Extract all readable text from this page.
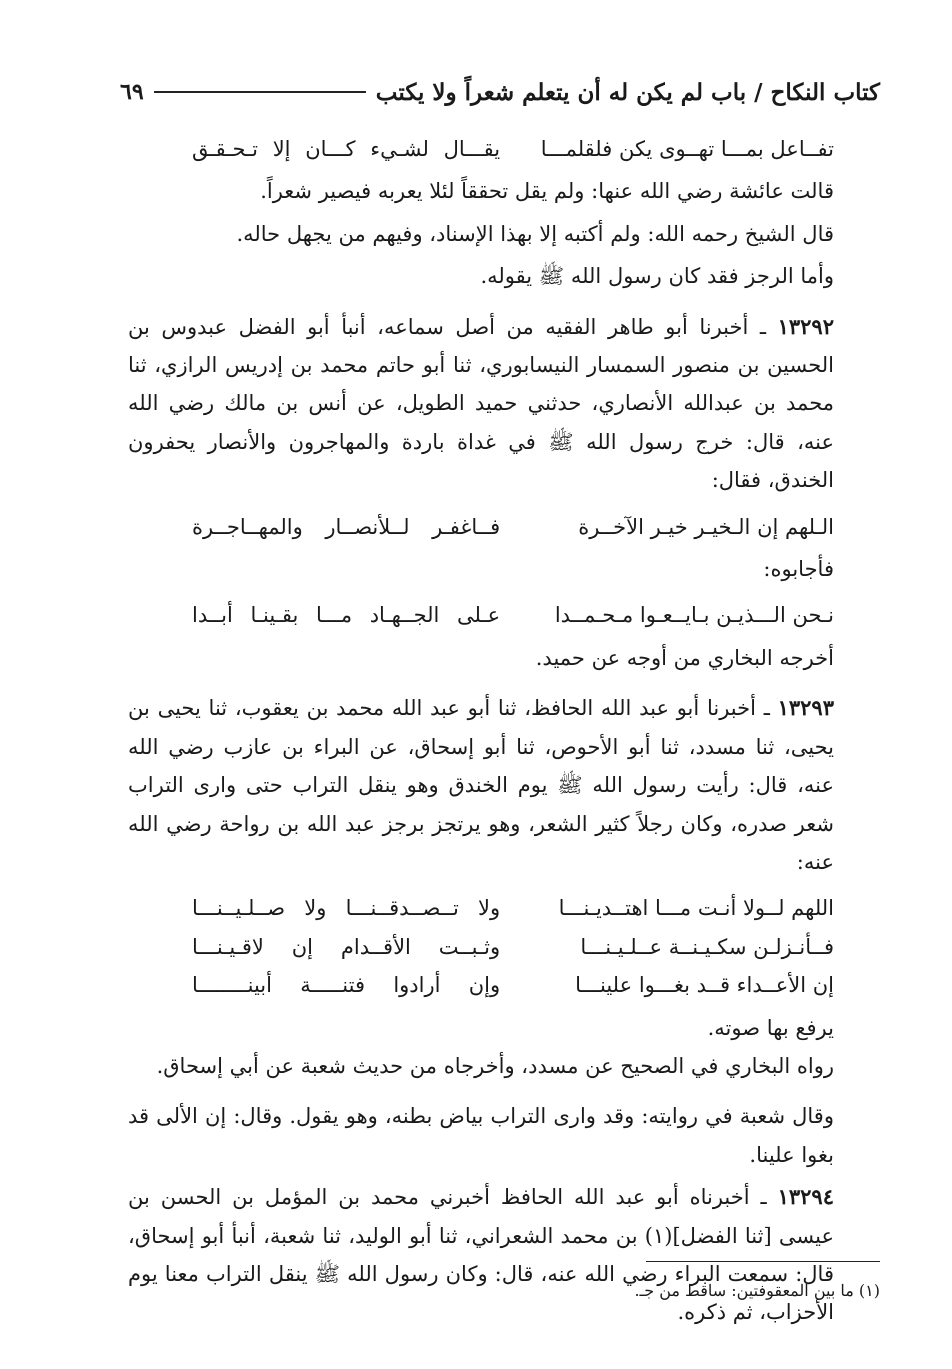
كتاب النكاح / باب لم يكن له أن يتعلم شعراً ولا يكتب
٦٩
تفــاعل بمـــا تهــوى يكن فلقلمـــا
يقـــال لشـيء كـــان إلا تـحـقـق

قالت عائشة رضي الله عنها: ولم يقل تحققاً لئلا يعربه فيصير شعراً.

قال الشيخ رحمه الله: ولم أكتبه إلا بهذا الإسناد، وفيهم من يجهل حاله.

وأما الرجز فقد كان رسول الله ﷺ يقوله.

١٣٢٩٢ ـ أخبرنا أبو طاهر الفقيه من أصل سماعه، أنبأ أبو الفضل عبدوس بن الحسين بن منصور السمسار النيسابوري، ثنا أبو حاتم محمد بن إدريس الرازي، ثنا محمد بن عبدالله الأنصاري، حدثني حميد الطويل، عن أنس بن مالك رضي الله عنه، قال: خرج رسول الله ﷺ في غداة باردة والمهاجرون والأنصار يحفرون الخندق، فقال:

الـلهم إن الـخيـر خيـر الآخــرة
فــاغفـر لــلأنصــار والمهــاجــرة

فأجابوه:

نـحن الـــذيـن بـايــعـوا مـحـمــدا
عـلى الجــهـاد مـــا بقـينـا أبــدا

أخرجه البخاري من أوجه عن حميد.

١٣٢٩٣ ـ أخبرنا أبو عبد الله الحافظ، ثنا أبو عبد الله محمد بن يعقوب، ثنا يحيى بن يحيى، ثنا مسدد، ثنا أبو الأحوص، ثنا أبو إسحاق، عن البراء بن عازب رضي الله عنه، قال: رأيت رسول الله ﷺ يوم الخندق وهو ينقل التراب حتى وارى التراب شعر صدره، وكان رجلاً كثير الشعر، وهو يرتجز برجز عبد الله بن رواحة رضي الله عنه:

اللهم لــولا أنـت مـــا اهتــديـنـــا
ولا تــصــدقــنـــا ولا صــلـيــنـــا
فــأنـزلـن سكـيـنــة عــلـيـنـــا
وثـبــت الأقــدام إن لاقـيـنـــا
إن الأعــداء قــد بغـــوا علينـــا
وإن أرادوا فتنـــــة أبينــــــــا

يرفع بها صوته.

رواه البخاري في الصحيح عن مسدد، وأخرجاه من حديث شعبة عن أبي إسحاق.

وقال شعبة في روايته: وقد وارى التراب بياض بطنه، وهو يقول. وقال: إن الألى قد بغوا علينا.

١٣٢٩٤ ـ أخبرناه أبو عبد الله الحافظ أخبرني محمد بن المؤمل بن الحسن بن عيسى [ثنا الفضل](١) بن محمد الشعراني، ثنا أبو الوليد، ثنا شعبة، أنبأ أبو إسحاق، قال: سمعت البراء رضي الله عنه، قال: وكان رسول الله ﷺ ينقل التراب معنا يوم الأحزاب، ثم ذكره.

(١) ما بين المعقوفتين: ساقط من جـ.
